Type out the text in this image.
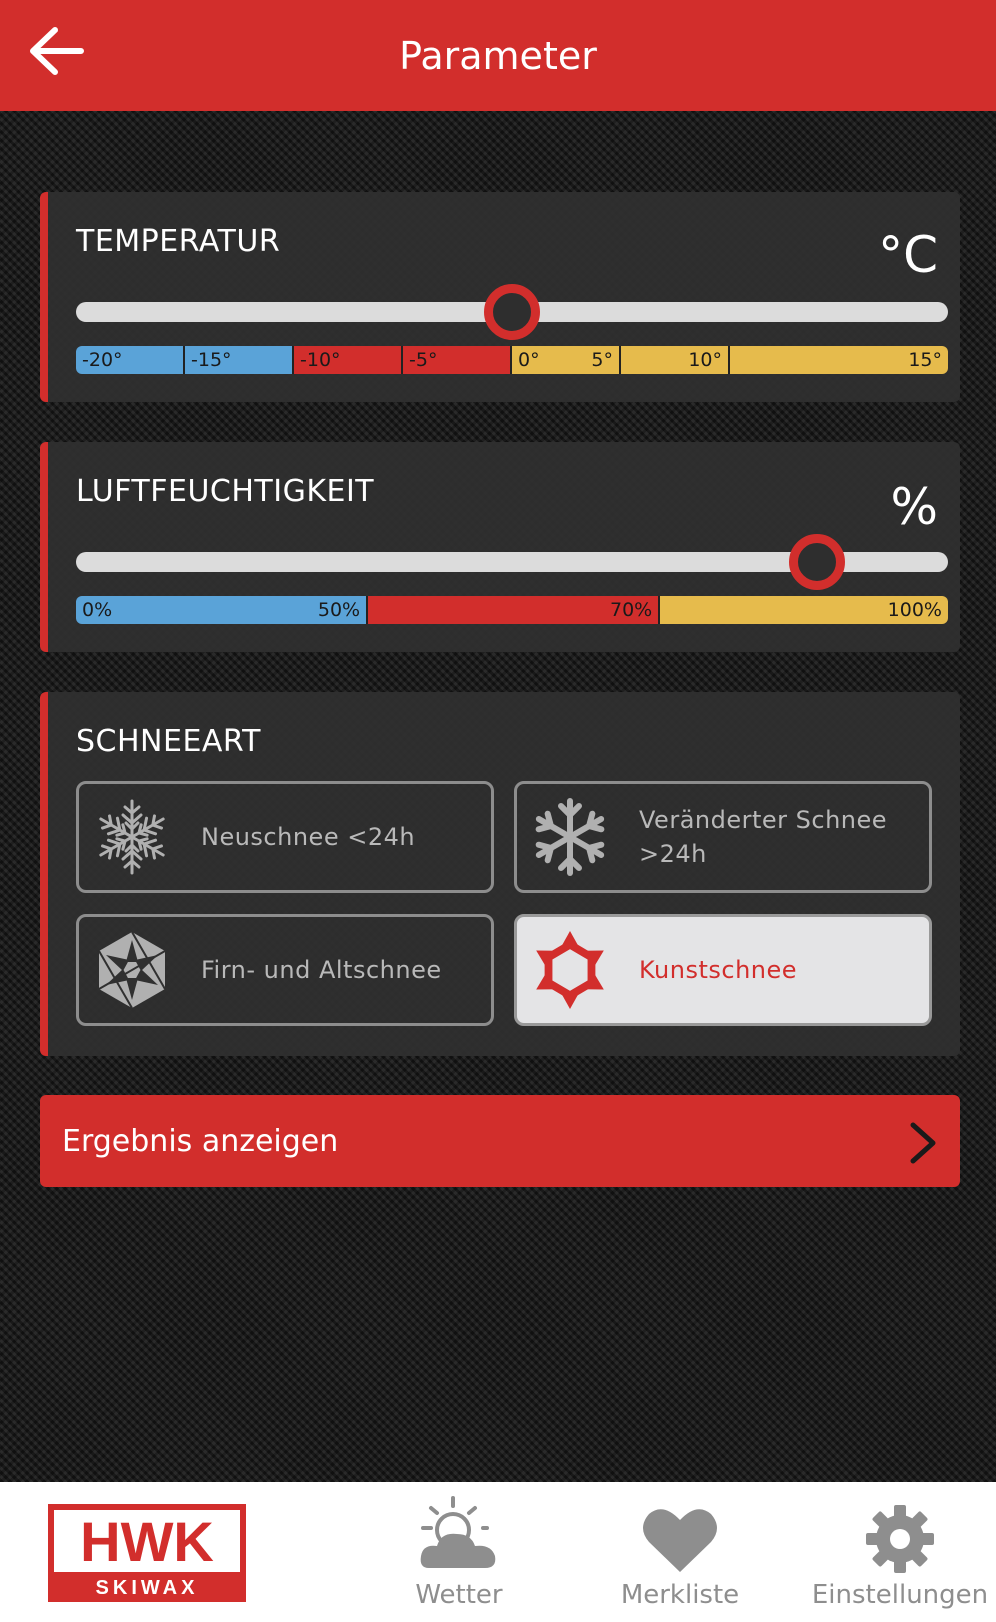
Parameter
TEMPERATUR	°C
-20°	-15°	-10°	-5°	0°	5°	10°	15°
LUFTFEUCHTIGKEIT	%
0%	50%	70%	100%
SCHNEEART
Neuschnee <24h
Veränderter Schnee
>24h
Firn- und Altschnee	Kunstschnee
Ergebnis anzeigen
HWK
SKIWAX	Wetter	Merkliste	Einstellungen
